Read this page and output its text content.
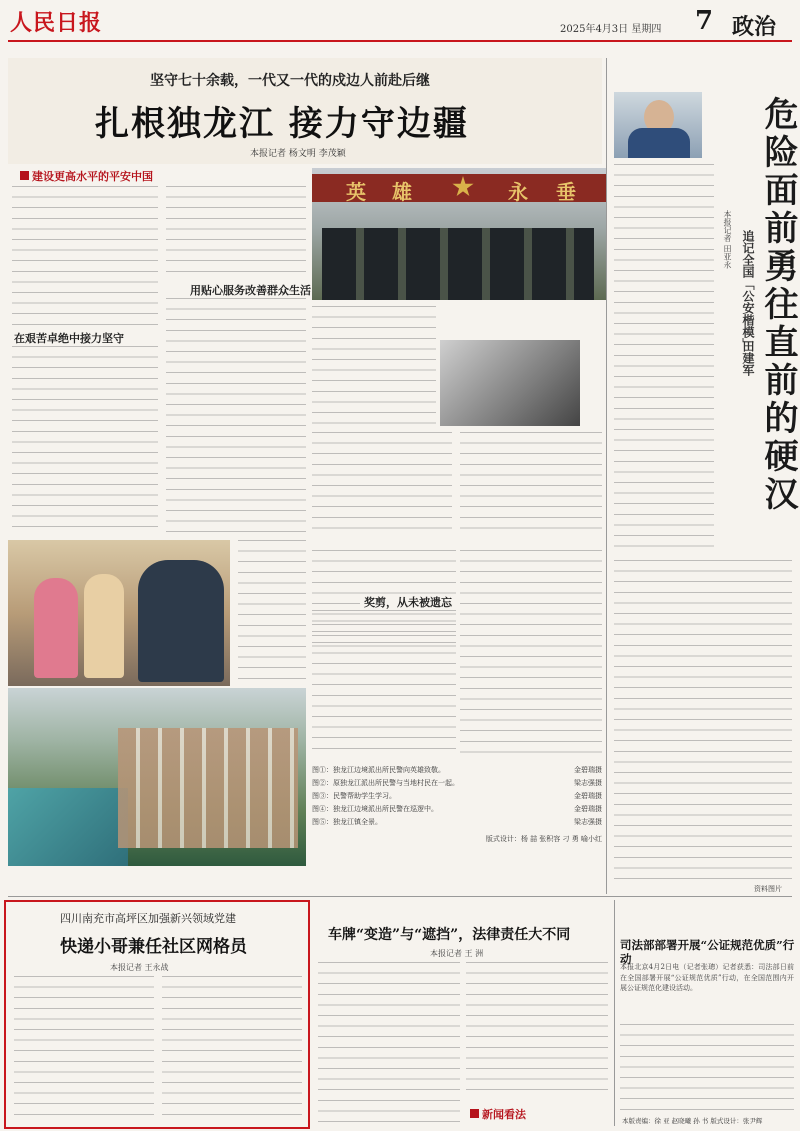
人民日报	2025年4月3日 星期四 7 政治
坚守七十余载，一代又一代的戍边人前赴后继
扎根独龙江 接力守边疆
本报记者 杨文明 李茂颖
建设更高水平的平安中国
在艰苦卓绝中接力坚守
用贴心服务改善群众生活
英 雄	永 垂
奖剪，从未被遗忘
图①：独龙江边境派出所民警向英雄致敬。	金碧瑞摄
图②：原独龙江派出所民警与当地村民在一起。	梁志强摄
图③：民警帮助学生学习。	金碧瑞摄
图④：独龙江边境派出所民警在巡逻中。	金碧瑞摄
图⑤：独龙江镇全景。	梁志强摄
版式设计：杨 喆 张积容 刁 勇 喻小红
危险面前勇往直前的硬汉
追记全国「公安楷模」
田建军
本报记者 田亚永
资料图片
四川南充市高坪区加强新兴领域党建
快递小哥兼任社区网格员
本报记者 王永战
车牌“变造”与“遮挡”，法律责任大不同
本报记者 王 洲
新闻看法
司法部部署开展“公证规范优质”行动
本报北京4月2日电（记者张璁）记者获悉：司法部日前在全国部署开展“公证规范优质”行动，在全国范围内开展公证规范化建设活动。
本版责编：徐 亚 赵晓曦 孙 书 版式设计：张尹辉
